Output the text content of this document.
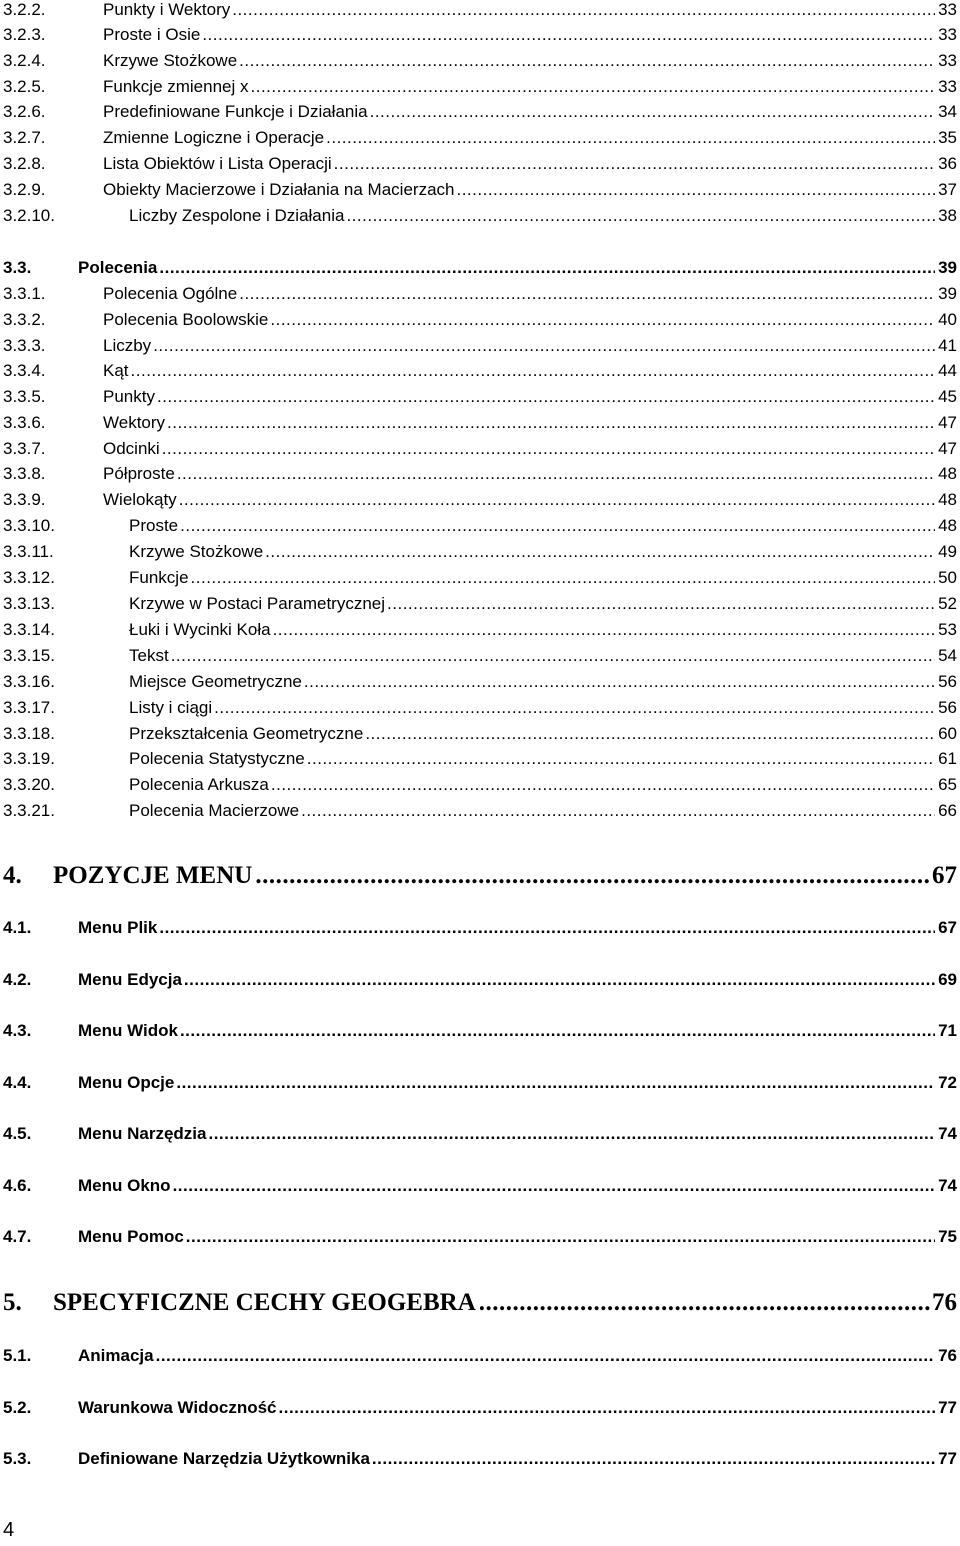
3.2.2.	Punkty i Wektory .....	33
3.2.3.	Proste i Osie .....	33
3.2.4.	Krzywe Stożkowe .....	33
3.2.5.	Funkcje zmiennej x .....	33
3.2.6.	Predefiniowane Funkcje i Działania .....	34
3.2.7.	Zmienne Logiczne i Operacje .....	35
3.2.8.	Lista Obiektów i Lista Operacji .....	36
3.2.9.	Obiekty Macierzowe i Działania na Macierzach .....	37
3.2.10.	Liczby Zespolone i Działania .....	38
3.3.	Polecenia .....	39
3.3.1.	Polecenia Ogólne .....	39
3.3.2.	Polecenia Boolowskie .....	40
3.3.3.	Liczby .....	41
3.3.4.	Kąt .....	44
3.3.5.	Punkty .....	45
3.3.6.	Wektory .....	47
3.3.7.	Odcinki .....	47
3.3.8.	Półproste .....	48
3.3.9.	Wielokąty .....	48
3.3.10.	Proste .....	48
3.3.11.	Krzywe Stożkowe .....	49
3.3.12.	Funkcje .....	50
3.3.13.	Krzywe w Postaci Parametrycznej .....	52
3.3.14.	Łuki i Wycinki Koła .....	53
3.3.15.	Tekst .....	54
3.3.16.	Miejsce Geometryczne .....	56
3.3.17.	Listy i ciągi .....	56
3.3.18.	Przekształcenia Geometryczne .....	60
3.3.19.	Polecenia Statystyczne .....	61
3.3.20.	Polecenia Arkusza .....	65
3.3.21.	Polecenia Macierzowe .....	66
4.	POZYCJE MENU .....	67
4.1.	Menu Plik .....	67
4.2.	Menu Edycja .....	69
4.3.	Menu Widok .....	71
4.4.	Menu Opcje .....	72
4.5.	Menu Narzędzia .....	74
4.6.	Menu Okno .....	74
4.7.	Menu Pomoc .....	75
5.	SPECYFICZNE CECHY GEOGEBRA .....	76
5.1.	Animacja .....	76
5.2.	Warunkowa Widoczność .....	77
5.3.	Definiowane Narzędzia Użytkownika .....	77
4
